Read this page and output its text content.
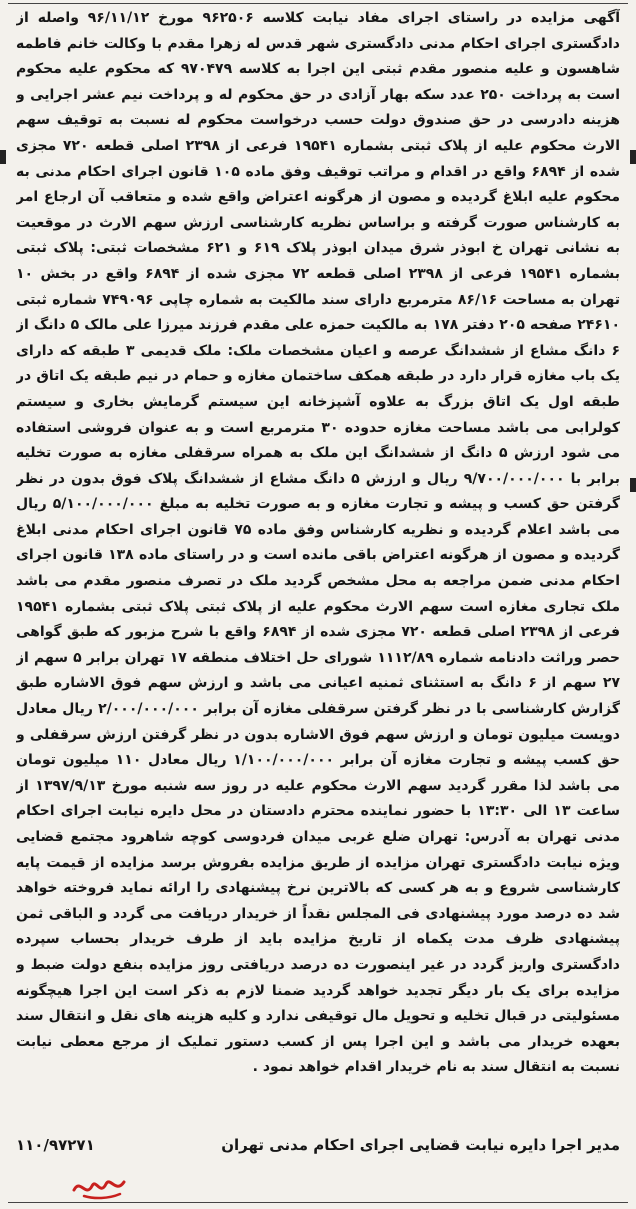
آگهی مزایده در راستای اجرای مفاد نیابت کلاسه ۹۶۲۵۰۶ مورخ ۹۶/۱۱/۱۲ واصله از دادگستری اجرای احکام مدنی دادگستری شهر قدس له زهرا مقدم با وکالت خانم فاطمه شاهسون و علیه منصور مقدم ثبتی این اجرا به کلاسه ۹۷۰۴۷۹ که محکوم علیه محکوم است به پرداخت ۲۵۰ عدد سکه بهار آزادی در حق محکوم له و پرداخت نیم عشر اجرایی و هزینه دادرسی در حق صندوق دولت حسب درخواست محکوم له نسبت به توقیف سهم الارث محکوم علیه از پلاک ثبتی بشماره ۱۹۵۴۱ فرعی از ۲۳۹۸ اصلی قطعه ۷۲۰ مجزی شده از ۶۸۹۴ واقع در اقدام و مراتب توقیف وفق ماده ۱۰۵ قانون اجرای احکام مدنی به محکوم علیه ابلاغ گردیده و مصون از هرگونه اعتراض واقع شده و متعاقب آن ارجاع امر به کارشناس صورت گرفته و براساس نظریه کارشناسی ارزش سهم الارث در موقعیت به نشانی تهران خ ابوذر شرق میدان ابوذر پلاک ۶۱۹ و ۶۲۱ مشخصات ثبتی: پلاک ثبتی بشماره ۱۹۵۴۱ فرعی از ۲۳۹۸ اصلی قطعه ۷۲ مجزی شده از ۶۸۹۴ واقع در بخش ۱۰ تهران به مساحت ۸۶/۱۶ مترمربع دارای سند مالکیت به شماره چاپی ۷۴۹۰۹۶ شماره ثبتی ۲۴۶۱۰ صفحه ۲۰۵ دفتر ۱۷۸ به مالکیت حمزه علی مقدم فرزند میرزا علی مالک ۵ دانگ از ۶ دانگ مشاع از ششدانگ عرصه و اعیان مشخصات ملک: ملک قدیمی ۳ طبقه که دارای یک باب مغازه قرار دارد در طبقه همکف ساختمان مغازه و حمام در نیم طبقه یک اتاق در طبقه اول یک اتاق بزرگ به علاوه آشپزخانه این سیستم گرمایش بخاری و سیستم کولرابی می باشد مساحت مغازه حدوده ۳۰ مترمربع است و به عنوان فروشی استفاده می شود ارزش ۵ دانگ از ششدانگ این ملک به همراه سرقفلی مغازه به صورت تخلیه برابر با ۹/۷۰۰/۰۰۰/۰۰۰ ریال و ارزش ۵ دانگ مشاع از ششدانگ پلاک فوق بدون در نظر گرفتن حق کسب و پیشه و تجارت مغازه و به صورت تخلیه به مبلغ ۵/۱۰۰/۰۰۰/۰۰۰ ریال می باشد اعلام گردیده و نظریه کارشناس وفق ماده ۷۵ قانون اجرای احکام مدنی ابلاغ گردیده و مصون از هرگونه اعتراض باقی مانده است و در راستای ماده ۱۳۸ قانون اجرای احکام مدنی ضمن مراجعه به محل مشخص گردید ملک در تصرف منصور مقدم می باشد ملک تجاری مغازه است سهم الارث محکوم علیه از پلاک ثبتی پلاک ثبتی بشماره ۱۹۵۴۱ فرعی از ۲۳۹۸ اصلی قطعه ۷۲۰ مجزی شده از ۶۸۹۴ واقع با شرح مزبور که طبق گواهی حصر وراثت دادنامه شماره ۱۱۱۲/۸۹ شورای حل اختلاف منطقه ۱۷ تهران برابر ۵ سهم از ۲۷ سهم از ۶ دانگ به استثنای ثمنیه اعیانی می باشد و ارزش سهم فوق الاشاره طبق گزارش کارشناسی با در نظر گرفتن سرقفلی مغازه آن برابر ۲/۰۰۰/۰۰۰/۰۰۰ ریال معادل دویست میلیون تومان و ارزش سهم فوق الاشاره بدون در نظر گرفتن ارزش سرقفلی و حق کسب پیشه و تجارت مغازه آن برابر ۱/۱۰۰/۰۰۰/۰۰۰ ریال معادل ۱۱۰ میلیون تومان می باشد لذا مقرر گردید سهم الارث محکوم علیه در روز سه شنبه مورخ ۱۳۹۷/۹/۱۳ از ساعت ۱۳ الی ۱۳:۳۰ با حضور نماینده محترم دادستان در محل دایره نیابت اجرای احکام مدنی تهران به آدرس: تهران ضلع غربی میدان فردوسی کوچه شاهرود مجتمع قضایی ویژه نیابت دادگستری تهران مزایده از طریق مزایده بفروش برسد مزایده از قیمت پایه کارشناسی شروع و به هر کسی که بالاترین نرخ پیشنهادی را ارائه نماید فروخته خواهد شد ده درصد مورد پیشنهادی فی المجلس نقداً از خریدار دریافت می گردد و الباقی ثمن پیشنهادی ظرف مدت یکماه از تاریخ مزایده باید از طرف خریدار بحساب سپرده دادگستری واریز گردد در غیر اینصورت ده درصد دریافتی روز مزایده بنفع دولت ضبط و مزایده برای یک بار دیگر تجدید خواهد گردید ضمنا لازم به ذکر است این اجرا هیچگونه مسئولیتی در قبال تخلیه و تحویل مال توقیفی ندارد و کلیه هزینه های نقل و انتقال سند بعهده خریدار می باشد و این اجرا پس از کسب دستور تملیک از مرجع معطی نیابت نسبت به انتقال سند به نام خریدار اقدام خواهد نمود .

مدیر اجرا دایره نیابت قضایی اجرای احکام مدنی تهران
۱۱۰/۹۷۲۷۱
